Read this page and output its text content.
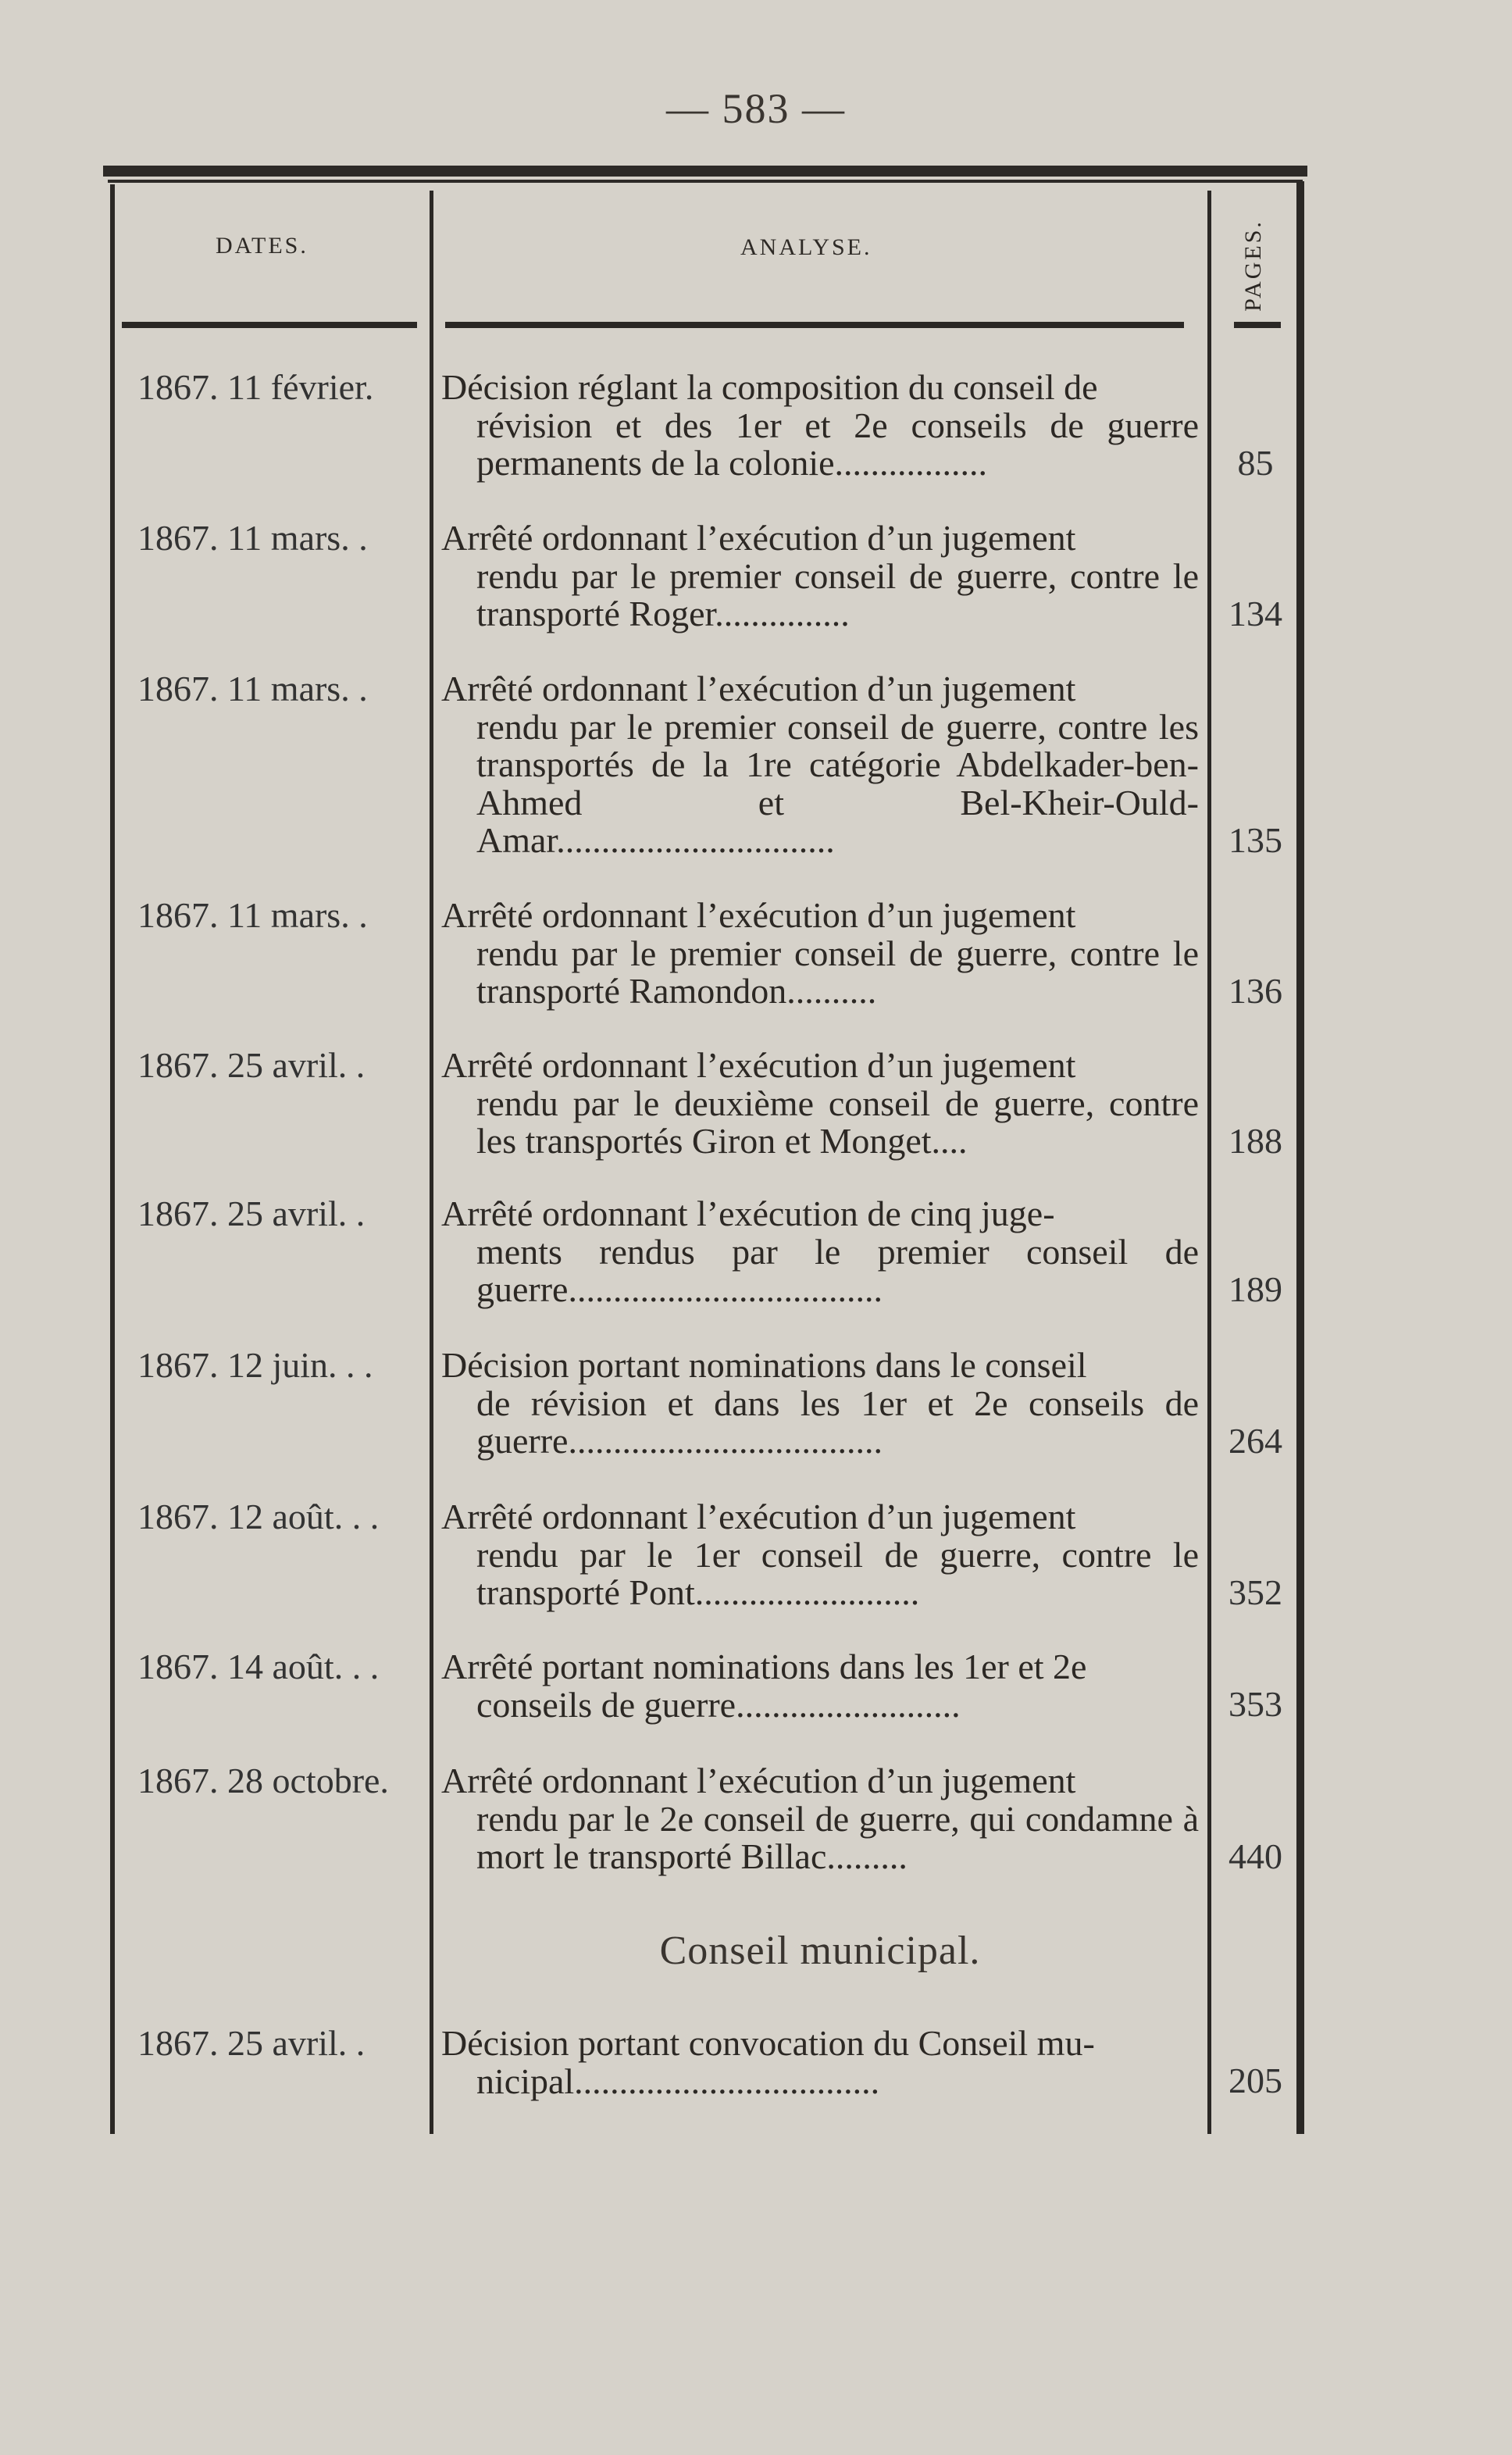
— 583 —
DATES.	ANALYSE.	PAGES.
1867. 11 février. Décision réglant la composition du conseil de
révision et des 1er et 2e conseils de guerre permanents de la colonie.................	85
1867. 11 mars. . Arrêté ordonnant l’exécution d’un jugement
rendu par le premier conseil de guerre, contre le transporté Roger...............	134
1867. 11 mars. . Arrêté ordonnant l’exécution d’un jugement
rendu par le premier conseil de guerre, contre les transportés de la 1re catégorie Abdelkader-ben-Ahmed et Bel-Kheir-Ould-Amar...............................	135
1867. 11 mars. . Arrêté ordonnant l’exécution d’un jugement
rendu par le premier conseil de guerre, contre le transporté Ramondon..........	136
1867. 25 avril. . Arrêté ordonnant l’exécution d’un jugement
rendu par le deuxième conseil de guerre, contre les transportés Giron et Monget....	188
1867. 25 avril. . Arrêté ordonnant l’exécution de cinq juge-
ments rendus par le premier conseil de guerre...................................	189
1867. 12 juin. . . Décision portant nominations dans le conseil
de révision et dans les 1er et 2e conseils de guerre...................................	264
1867. 12 août. . . Arrêté ordonnant l’exécution d’un jugement
rendu par le 1er conseil de guerre, contre le transporté Pont.........................	352
1867. 14 août. . . Arrêté portant nominations dans les 1er et 2e
conseils de guerre.........................	353
1867. 28 octobre. Arrêté ordonnant l’exécution d’un jugement
rendu par le 2e conseil de guerre, qui condamne à mort le transporté Billac.........	440
Conseil municipal.
1867. 25 avril. . Décision portant convocation du Conseil mu-
nicipal..................................	205
